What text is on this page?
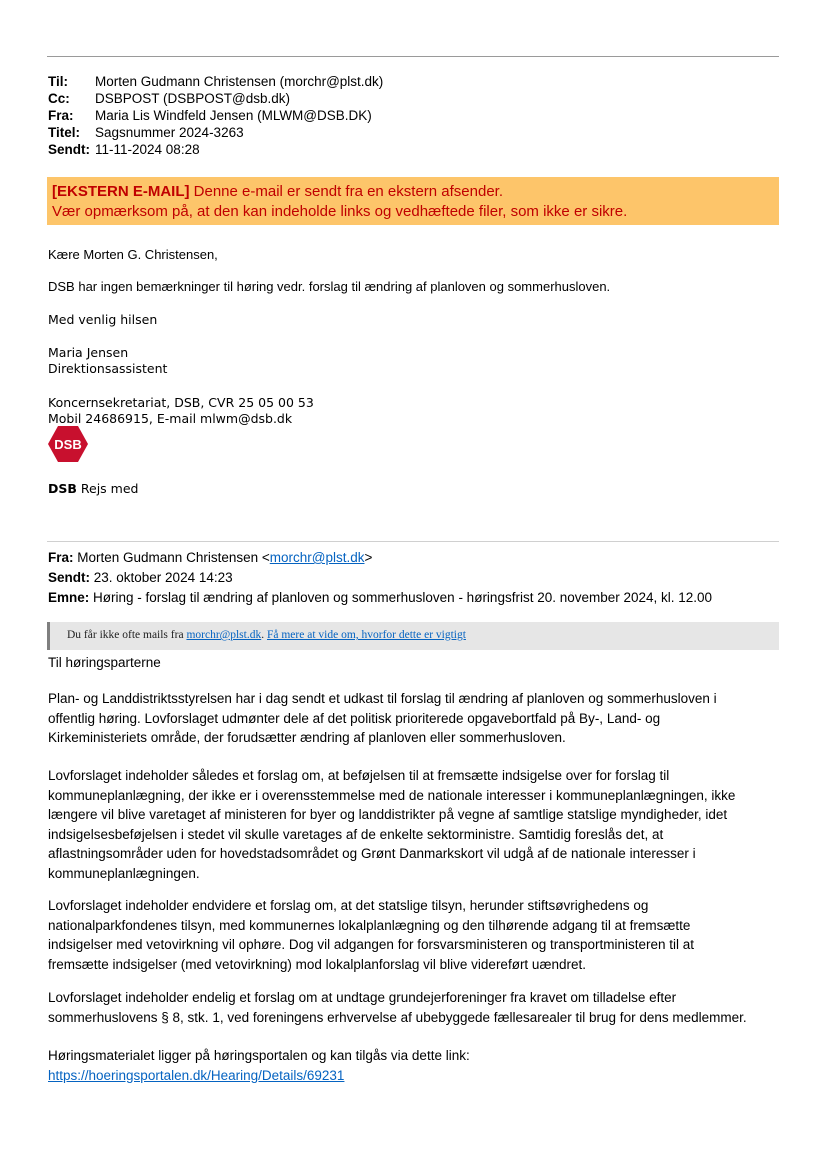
Til:	Morten Gudmann Christensen (morchr@plst.dk)
Cc:	DSBPOST (DSBPOST@dsb.dk)
Fra:	Maria Lis Windfeld Jensen (MLWM@DSB.DK)
Titel:	Sagsnummer 2024-3263
Sendt: 11-11-2024 08:28
[EKSTERN E-MAIL] Denne e-mail er sendt fra en ekstern afsender.
Vær opmærksom på, at den kan indeholde links og vedhæftede filer, som ikke er sikre.
Kære Morten G. Christensen,
DSB har ingen bemærkninger til høring vedr. forslag til ændring af planloven og sommerhusloven.
Med venlig hilsen
Maria Jensen
Direktionsassistent
Koncernsekretariat, DSB, CVR 25 05 00 53
Mobil 24686915, E-mail mlwm@dsb.dk
DSB
DSB Rejs med
Fra: Morten Gudmann Christensen <morchr@plst.dk>
Sendt: 23. oktober 2024 14:23
Emne: Høring - forslag til ændring af planloven og sommerhusloven - høringsfrist 20. november 2024, kl. 12.00
Du får ikke ofte mails fra morchr@plst.dk. Få mere at vide om, hvorfor dette er vigtigt
Til høringsparterne
Plan- og Landdistriktsstyrelsen har i dag sendt et udkast til forslag til ændring af planloven og sommerhusloven i
offentlig høring. Lovforslaget udmønter dele af det politisk prioriterede opgavebortfald på By-, Land- og
Kirkeministeriets område, der forudsætter ændring af planloven eller sommerhusloven.
Lovforslaget indeholder således et forslag om, at beføjelsen til at fremsætte indsigelse over for forslag til
kommuneplanlægning, der ikke er i overensstemmelse med de nationale interesser i kommuneplanlægningen, ikke
længere vil blive varetaget af ministeren for byer og landdistrikter på vegne af samtlige statslige myndigheder, idet
indsigelsesbeføjelsen i stedet vil skulle varetages af de enkelte sektorministre. Samtidig foreslås det, at
aflastningsområder uden for hovedstadsområdet og Grønt Danmarkskort vil udgå af de nationale interesser i
kommuneplanlægningen.
Lovforslaget indeholder endvidere et forslag om, at det statslige tilsyn, herunder stiftsøvrighedens og
nationalparkfondenes tilsyn, med kommunernes lokalplanlægning og den tilhørende adgang til at fremsætte
indsigelser med vetovirkning vil ophøre. Dog vil adgangen for forsvarsministeren og transportministeren til at
fremsætte indsigelser (med vetovirkning) mod lokalplanforslag vil blive videreført uændret.
Lovforslaget indeholder endelig et forslag om at undtage grundejerforeninger fra kravet om tilladelse efter
sommerhuslovens § 8, stk. 1, ved foreningens erhvervelse af ubebyggede fællesarealer til brug for dens medlemmer.
Høringsmaterialet ligger på høringsportalen og kan tilgås via dette link:
https://hoeringsportalen.dk/Hearing/Details/69231
